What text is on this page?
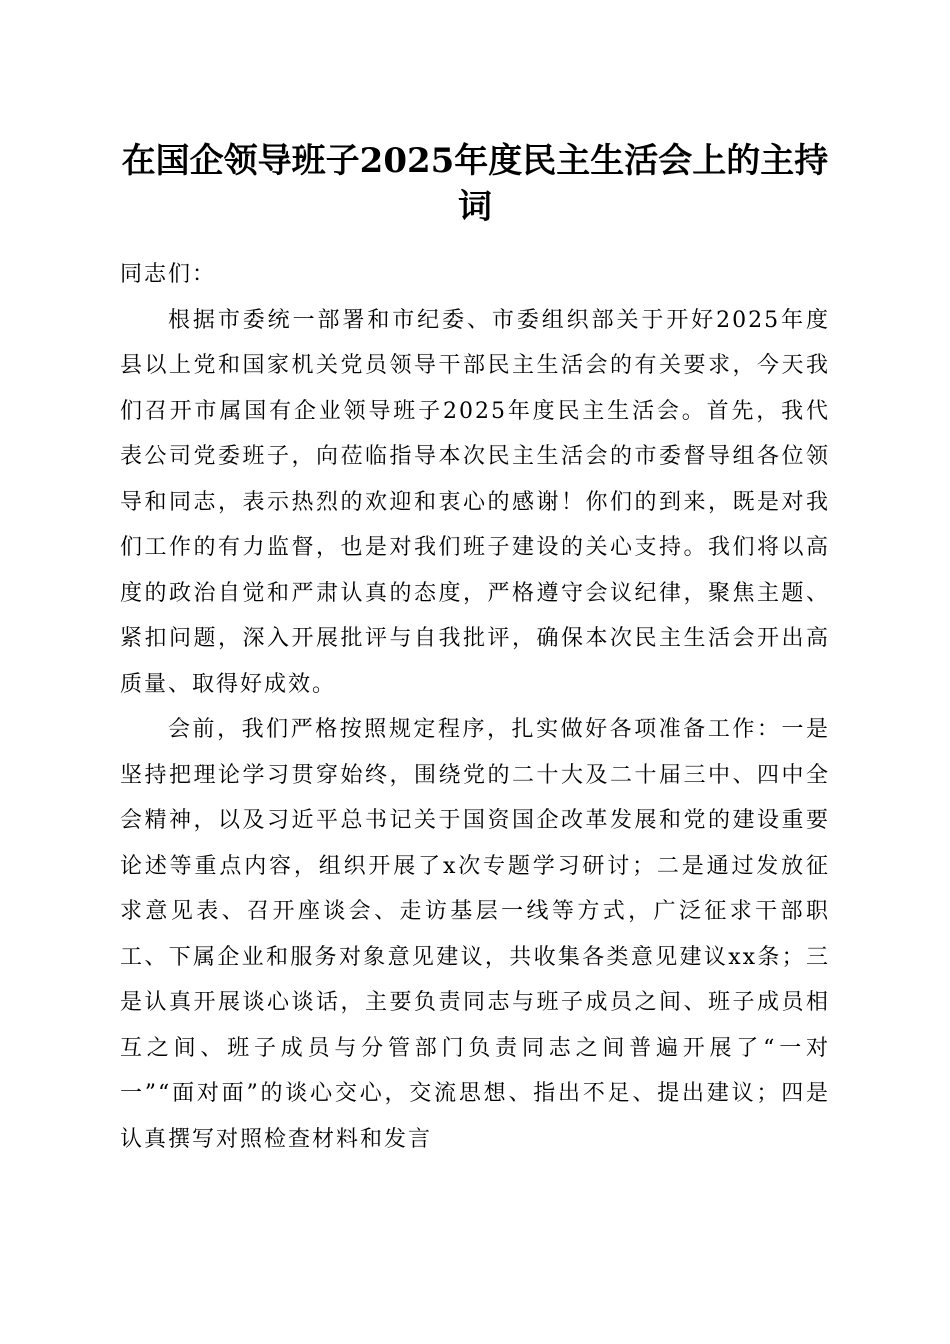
在国企领导班子2025年度民主生活会上的主持词

同志们：

根据市委统一部署和市纪委、市委组织部关于开好2025年度县以上党和国家机关党员领导干部民主生活会的有关要求，今天我们召开市属国有企业领导班子2025年度民主生活会。首先，我代表公司党委班子，向莅临指导本次民主生活会的市委督导组各位领导和同志，表示热烈的欢迎和衷心的感谢！你们的到来，既是对我们工作的有力监督，也是对我们班子建设的关心支持。我们将以高度的政治自觉和严肃认真的态度，严格遵守会议纪律，聚焦主题、紧扣问题，深入开展批评与自我批评，确保本次民主生活会开出高质量、取得好成效。

会前，我们严格按照规定程序，扎实做好各项准备工作：一是坚持把理论学习贯穿始终，围绕党的二十大及二十届三中、四中全会精神，以及习近平总书记关于国资国企改革发展和党的建设重要论述等重点内容，组织开展了x次专题学习研讨；二是通过发放征求意见表、召开座谈会、走访基层一线等方式，广泛征求干部职工、下属企业和服务对象意见建议，共收集各类意见建议xx条；三是认真开展谈心谈话，主要负责同志与班子成员之间、班子成员相互之间、班子成员与分管部门负责同志之间普遍开展了“一对一”“面对面”的谈心交心，交流思想、指出不足、提出建议；四是认真撰写对照检查材料和发言
